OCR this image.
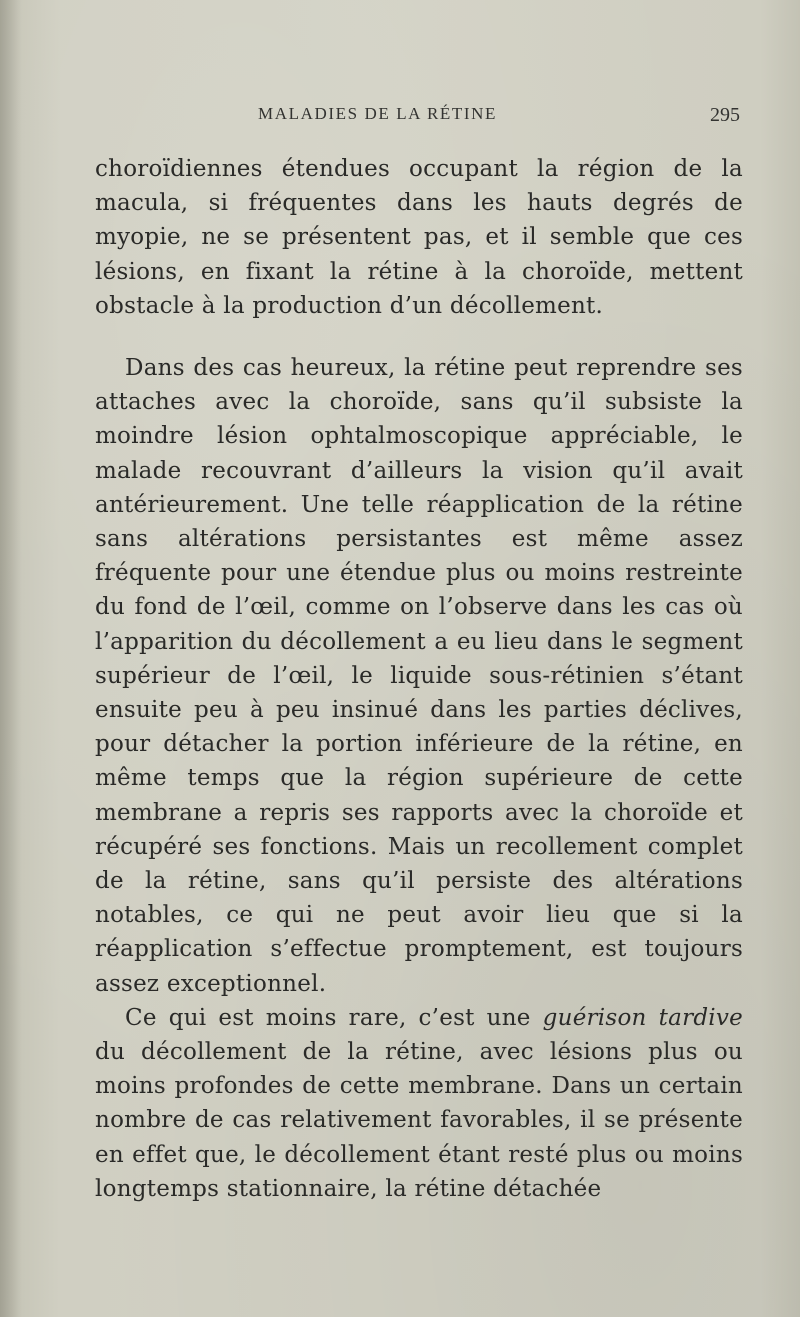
MALADIES DE LA RÉTINE	295

choroïdiennes étendues occupant la région de la macula, si fréquentes dans les hauts degrés de myopie, ne se présentent pas, et il semble que ces lésions, en fixant la rétine à la choroïde, mettent obstacle à la production d’un décollement.

Dans des cas heureux, la rétine peut reprendre ses attaches avec la choroïde, sans qu’il subsiste la moindre lésion ophtalmoscopique appréciable, le malade recouvrant d’ailleurs la vision qu’il avait antérieurement. Une telle réapplication de la rétine sans altérations persistantes est même assez fréquente pour une étendue plus ou moins restreinte du fond de l’œil, comme on l’observe dans les cas où l’apparition du décollement a eu lieu dans le segment supérieur de l’œil, le liquide sous-rétinien s’étant ensuite peu à peu insinué dans les parties déclives, pour détacher la portion inférieure de la rétine, en même temps que la région supérieure de cette membrane a repris ses rapports avec la choroïde et récupéré ses fonctions. Mais un recollement complet de la rétine, sans qu’il persiste des altérations notables, ce qui ne peut avoir lieu que si la réapplication s’effectue promptement, est toujours assez exceptionnel.

Ce qui est moins rare, c’est une guérison tardive du décollement de la rétine, avec lésions plus ou moins profondes de cette membrane. Dans un certain nombre de cas relativement favorables, il se présente en effet que, le décollement étant resté plus ou moins longtemps stationnaire, la rétine détachée
